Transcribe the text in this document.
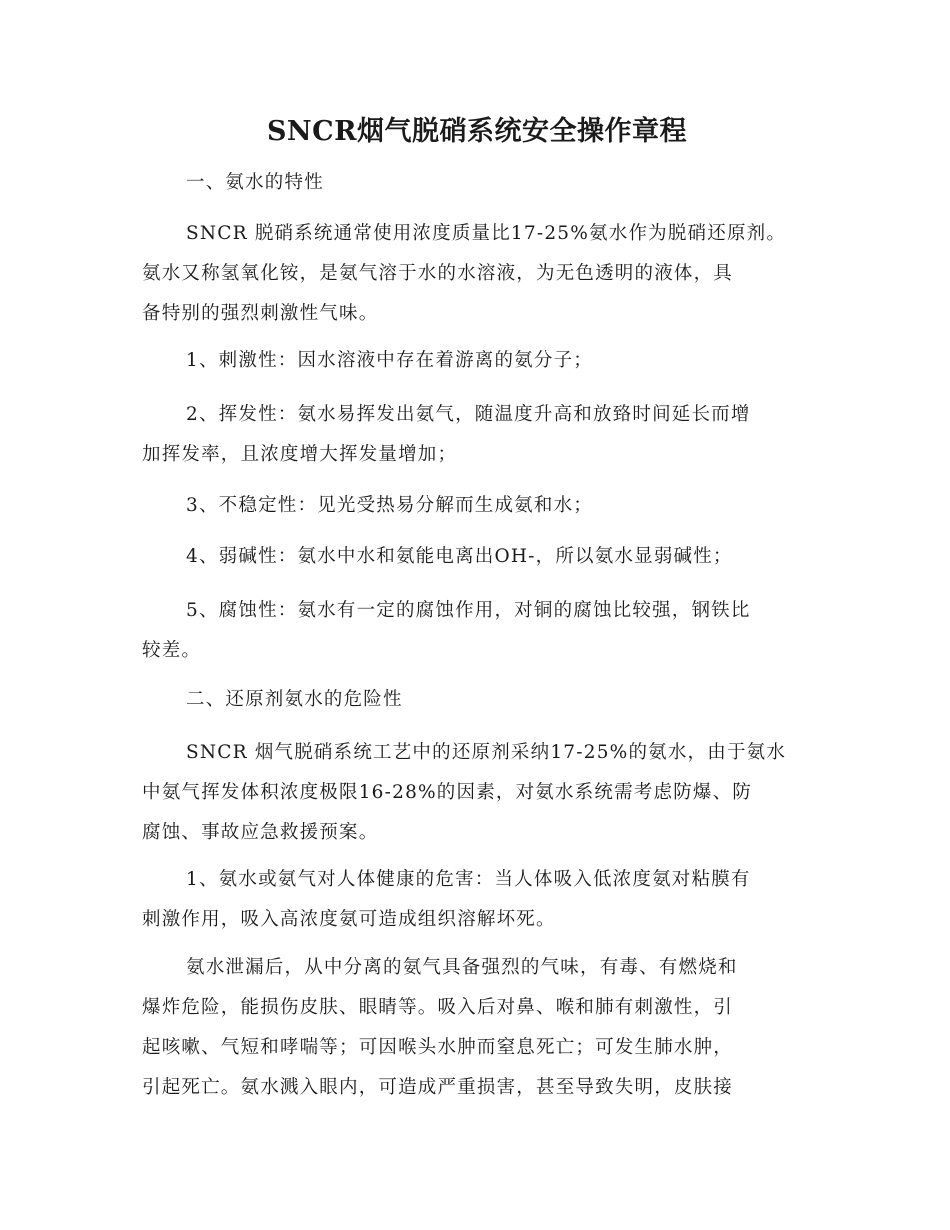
SNCR烟气脱硝系统安全操作章程

一、氨水的特性

SNCR 脱硝系统通常使用浓度质量比17-25%氨水作为脱硝还原剂。
氨水又称氢氧化铵，是氨气溶于水的水溶液，为无色透明的液体，具
备特别的强烈刺激性气味。

1、刺激性：因水溶液中存在着游离的氨分子；

2、挥发性：氨水易挥发出氨气，随温度升高和放臵时间延长而增
加挥发率，且浓度增大挥发量增加；

3、不稳定性：见光受热易分解而生成氨和水；

4、弱碱性：氨水中水和氨能电离出OH-，所以氨水显弱碱性；

5、腐蚀性：氨水有一定的腐蚀作用，对铜的腐蚀比较强，钢铁比
较差。

二、还原剂氨水的危险性

SNCR 烟气脱硝系统工艺中的还原剂采纳17-25%的氨水，由于氨水
中氨气挥发体积浓度极限16-28%的因素，对氨水系统需考虑防爆、防
腐蚀、事故应急救援预案。

1、氨水或氨气对人体健康的危害：当人体吸入低浓度氨对粘膜有
刺激作用，吸入高浓度氨可造成组织溶解坏死。

氨水泄漏后，从中分离的氨气具备强烈的气味，有毒、有燃烧和
爆炸危险，能损伤皮肤、眼睛等。吸入后对鼻、喉和肺有刺激性，引
起咳嗽、气短和哮喘等；可因喉头水肿而窒息死亡；可发生肺水肿，
引起死亡。氨水溅入眼内，可造成严重损害，甚至导致失明，皮肤接
